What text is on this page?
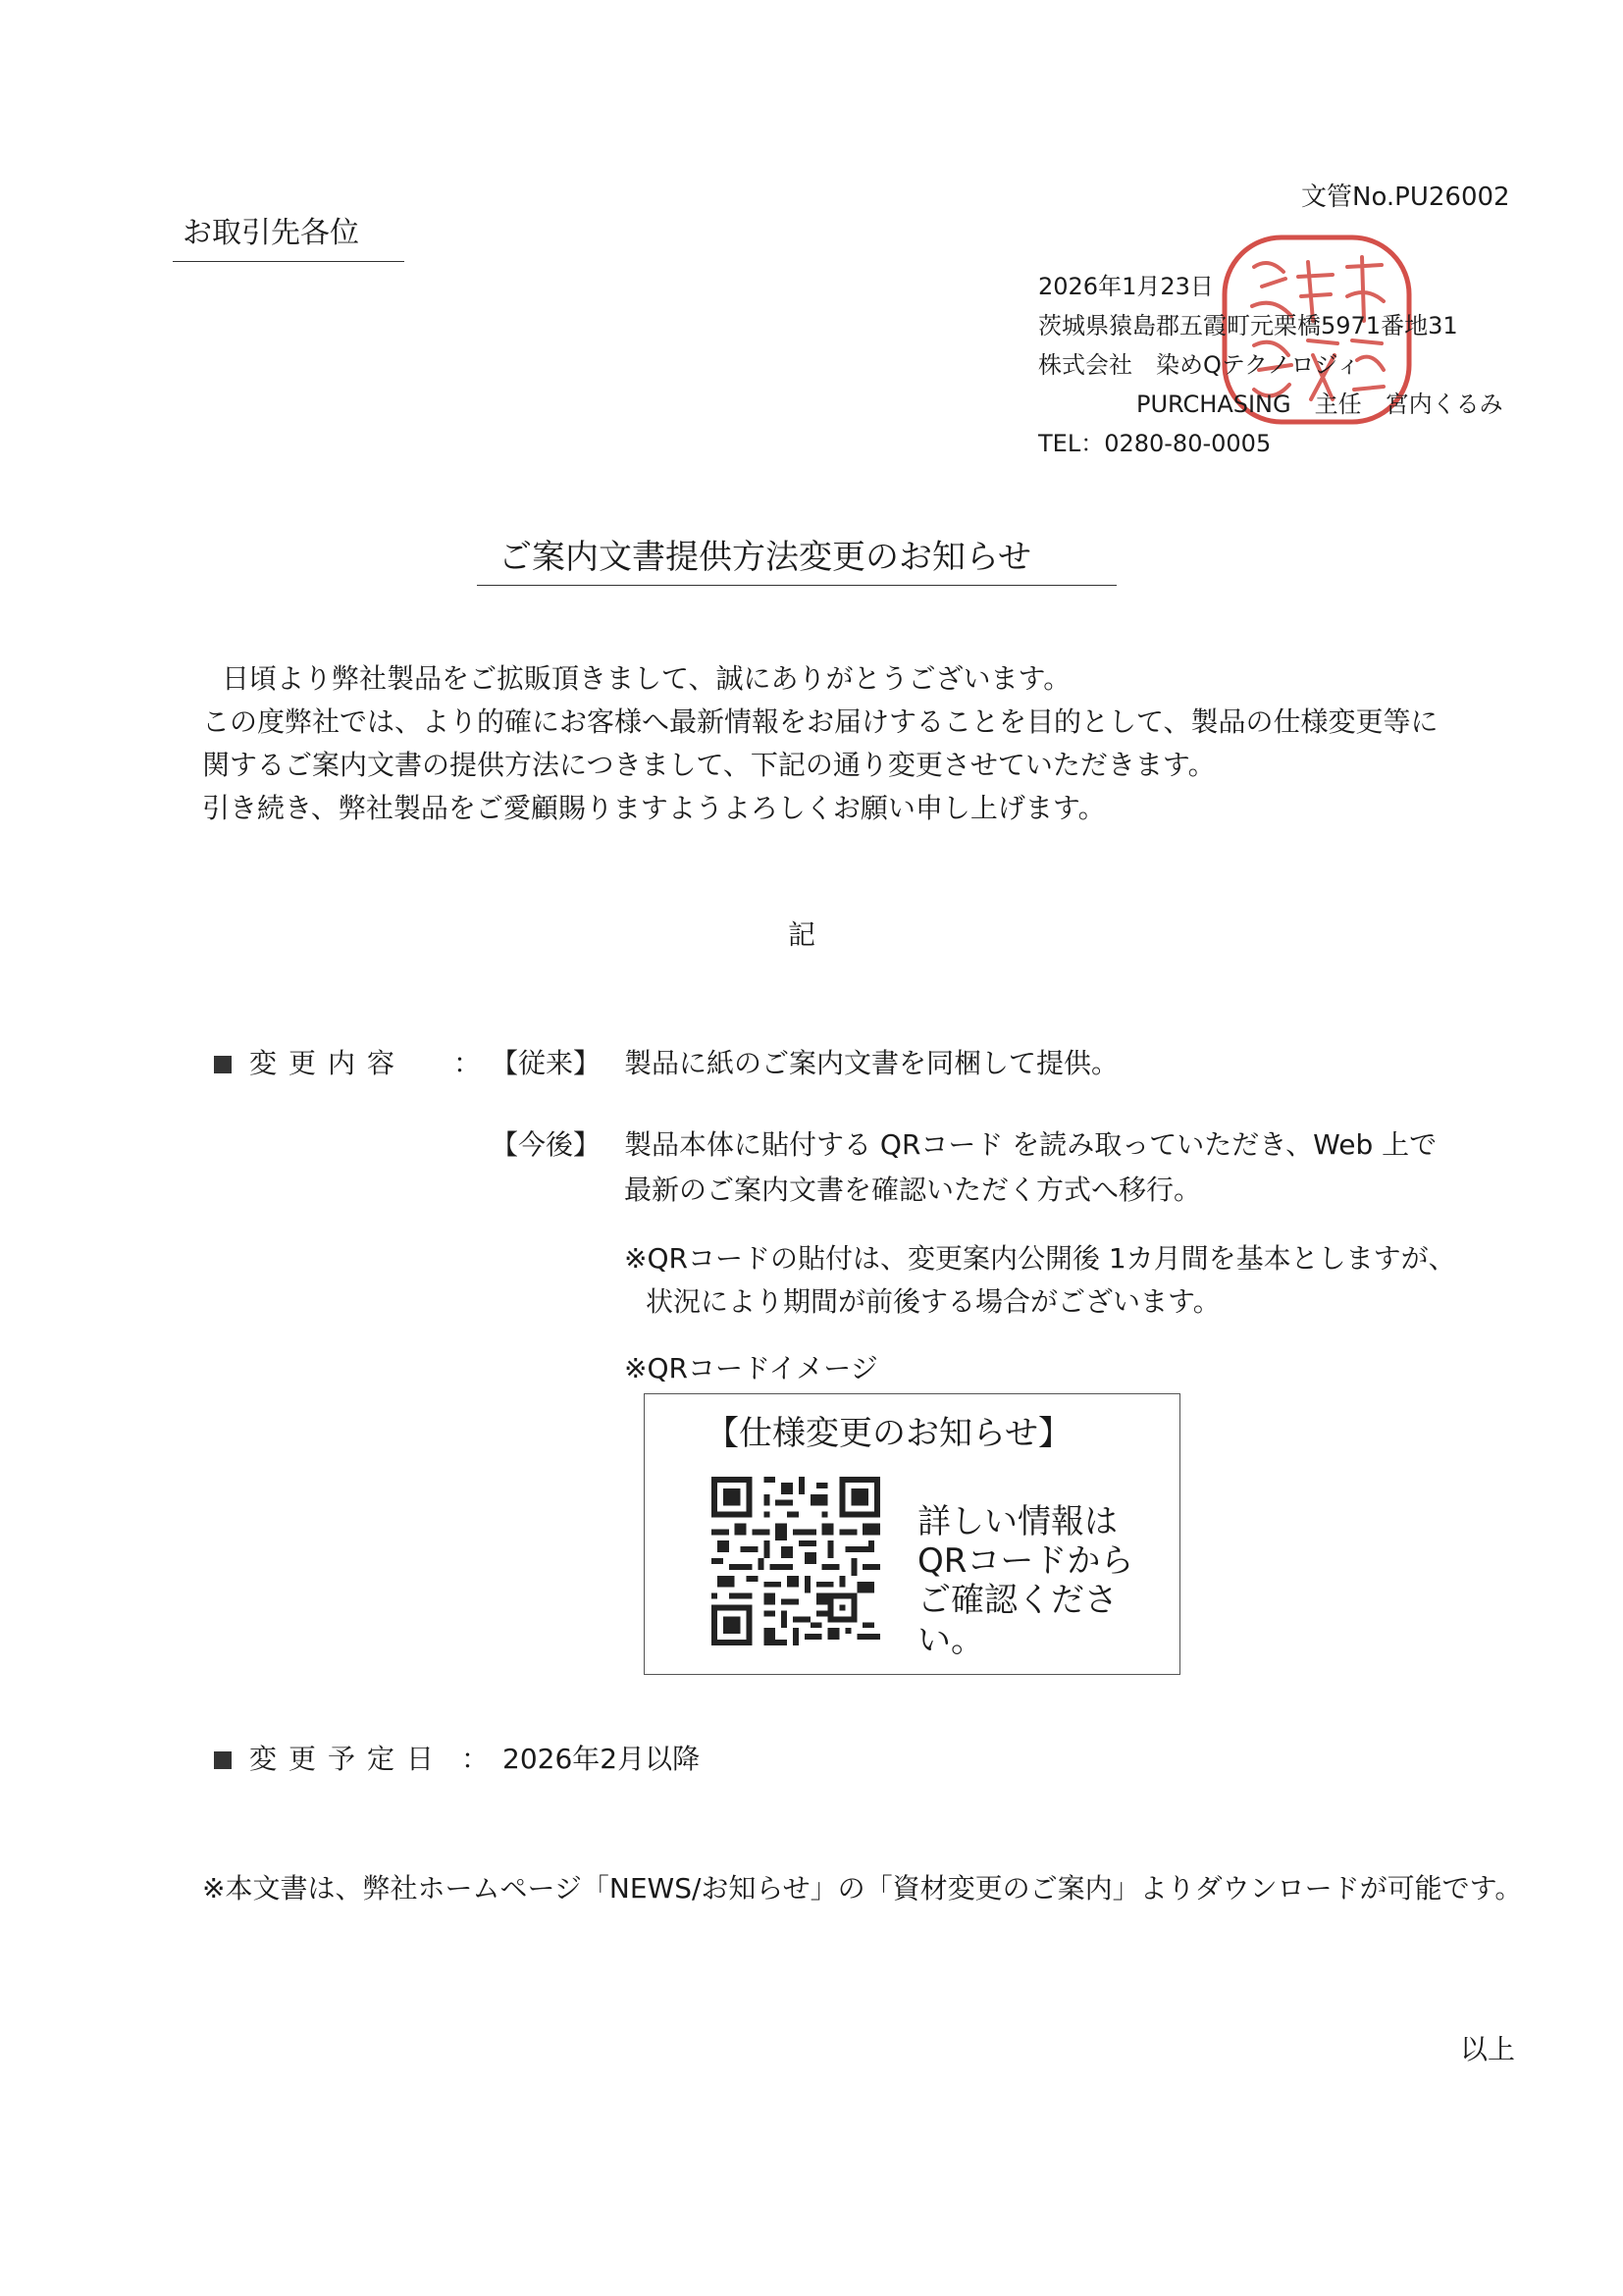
文管No.PU26002
お取引先各位
2026年1月23日
茨城県猿島郡五霞町元栗橋5971番地31
株式会社　染めQテクノロジィ
PURCHASING　主任　宮内くるみ
TEL：0280-80-0005
ご案内文書提供方法変更のお知らせ
日頃より弊社製品をご拡販頂きまして、誠にありがとうございます。
この度弊社では、より的確にお客様へ最新情報をお届けすることを目的として、製品の仕様変更等に
関するご案内文書の提供方法につきまして、下記の通り変更させていただきます。
引き続き、弊社製品をご愛顧賜りますようよろしくお願い申し上げます。
記
変更内容 ： 【従来】 製品に紙のご案内文書を同梱して提供。
【今後】 製品本体に貼付する QRコード を読み取っていただき、Web 上で
最新のご案内文書を確認いただく方式へ移行。
※QRコードの貼付は、変更案内公開後 1カ月間を基本としますが、
状況により期間が前後する場合がございます。
※QRコードイメージ
【仕様変更のお知らせ】
詳しい情報は
QRコードから
ご確認ください。
変更予定日 ： 2026年2月以降
※本文書は、弊社ホームページ「NEWS/お知らせ」の「資材変更のご案内」よりダウンロードが可能です。
以上
